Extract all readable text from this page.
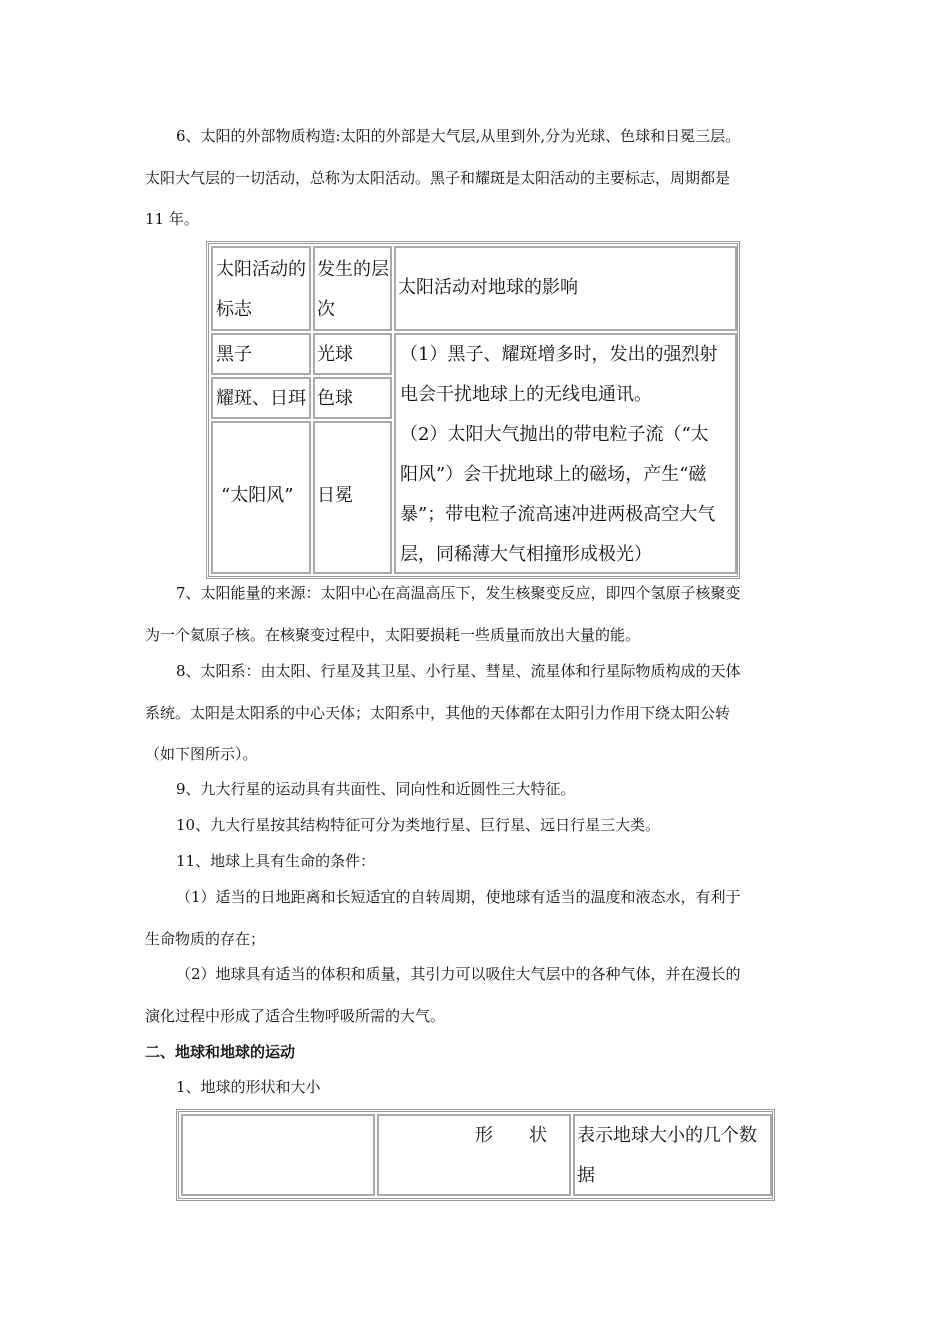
6、太阳的外部物质构造:太阳的外部是大气层,从里到外,分为光球、色球和日冕三层。
太阳大气层的一切活动，总称为太阳活动。黑子和耀斑是太阳活动的主要标志，周期都是
11 年。
太阳活动的
标志
发生的层
次
太阳活动对地球的影响
黑子
耀斑、日珥
“太阳风”
光球
色球
日冕
（1）黑子、耀斑增多时，发出的强烈射
电会干扰地球上的无线电通讯。
（2）太阳大气抛出的带电粒子流（“太
阳风”）会干扰地球上的磁场，产生“磁
暴”；带电粒子流高速冲进两极高空大气
层，同稀薄大气相撞形成极光）
7、太阳能量的来源：太阳中心在高温高压下，发生核聚变反应，即四个氢原子核聚变
为一个氦原子核。在核聚变过程中，太阳要损耗一些质量而放出大量的能。
8、太阳系：由太阳、行星及其卫星、小行星、彗星、流星体和行星际物质构成的天体
系统。太阳是太阳系的中心天体；太阳系中，其他的天体都在太阳引力作用下绕太阳公转
（如下图所示）。
9、九大行星的运动具有共面性、同向性和近圆性三大特征。
10、九大行星按其结构特征可分为类地行星、巨行星、远日行星三大类。
11、地球上具有生命的条件：
（1）适当的日地距离和长短适宜的自转周期，使地球有适当的温度和液态水，有利于
生命物质的存在；
（2）地球具有适当的体积和质量，其引力可以吸住大气层中的各种气体，并在漫长的
演化过程中形成了适合生物呼吸所需的大气。
二、地球和地球的运动
1、地球的形状和大小
形　　状	表示地球大小的几个数
据
